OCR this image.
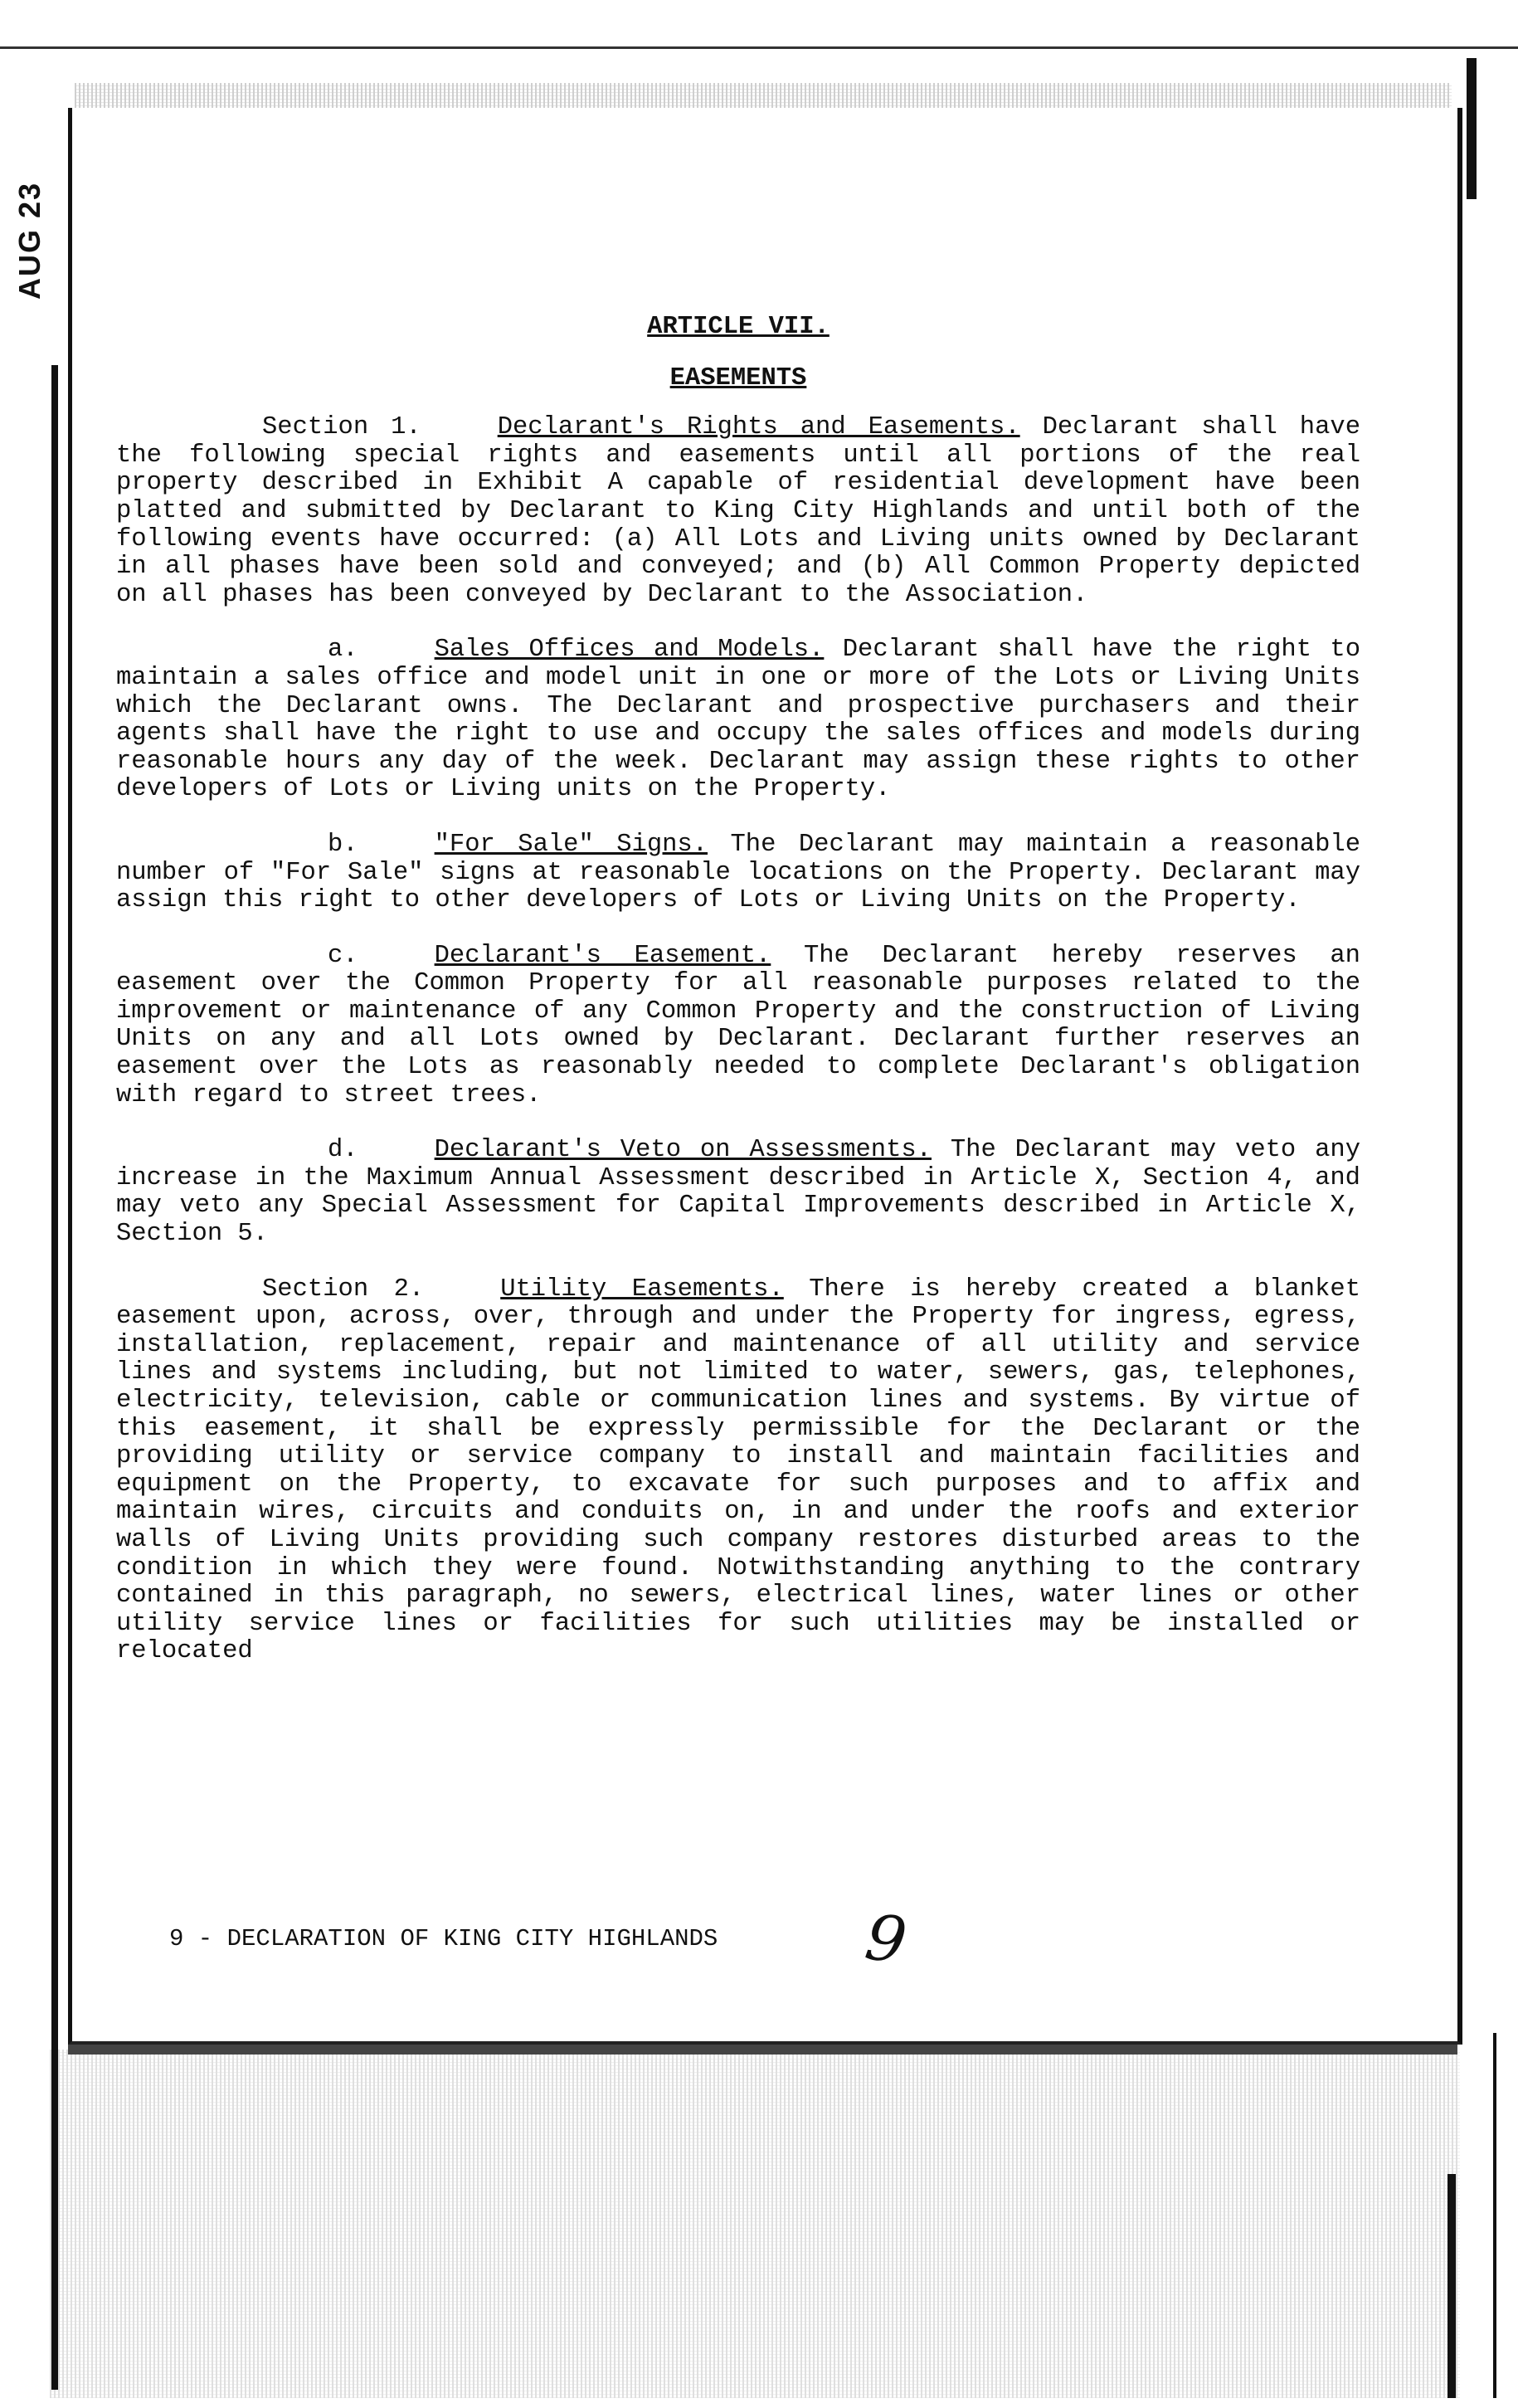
AUG 23

ARTICLE VII.

EASEMENTS

Section 1.	Declarant's Rights and Easements. Declarant shall have the following special rights and easements until all portions of the real property described in Exhibit A capable of residential development have been platted and submitted by Declarant to King City Highlands and until both of the following events have occurred: (a) All Lots and Living units owned by Declarant in all phases have been sold and conveyed; and (b) All Common Property depicted on all phases has been conveyed by Declarant to the Association.

a.	Sales Offices and Models. Declarant shall have the right to maintain a sales office and model unit in one or more of the Lots or Living Units which the Declarant owns. The Declarant and prospective purchasers and their agents shall have the right to use and occupy the sales offices and models during reasonable hours any day of the week. Declarant may assign these rights to other developers of Lots or Living units on the Property.

b.	"For Sale" Signs. The Declarant may maintain a reasonable number of "For Sale" signs at reasonable locations on the Property. Declarant may assign this right to other developers of Lots or Living Units on the Property.

c.	Declarant's Easement. The Declarant hereby reserves an easement over the Common Property for all reasonable purposes related to the improvement or maintenance of any Common Property and the construction of Living Units on any and all Lots owned by Declarant. Declarant further reserves an easement over the Lots as reasonably needed to complete Declarant's obligation with regard to street trees.

d.	Declarant's Veto on Assessments. The Declarant may veto any increase in the Maximum Annual Assessment described in Article X, Section 4, and may veto any Special Assessment for Capital Improvements described in Article X, Section 5.

Section 2.	Utility Easements. There is hereby created a blanket easement upon, across, over, through and under the Property for ingress, egress, installation, replacement, repair and maintenance of all utility and service lines and systems including, but not limited to water, sewers, gas, telephones, electricity, television, cable or communication lines and systems. By virtue of this easement, it shall be expressly permissible for the Declarant or the providing utility or service company to install and maintain facilities and equipment on the Property, to excavate for such purposes and to affix and maintain wires, circuits and conduits on, in and under the roofs and exterior walls of Living Units providing such company restores disturbed areas to the condition in which they were found. Notwithstanding anything to the contrary contained in this paragraph, no sewers, electrical lines, water lines or other utility service lines or facilities for such utilities may be installed or relocated

9 - DECLARATION OF KING CITY HIGHLANDS 9
